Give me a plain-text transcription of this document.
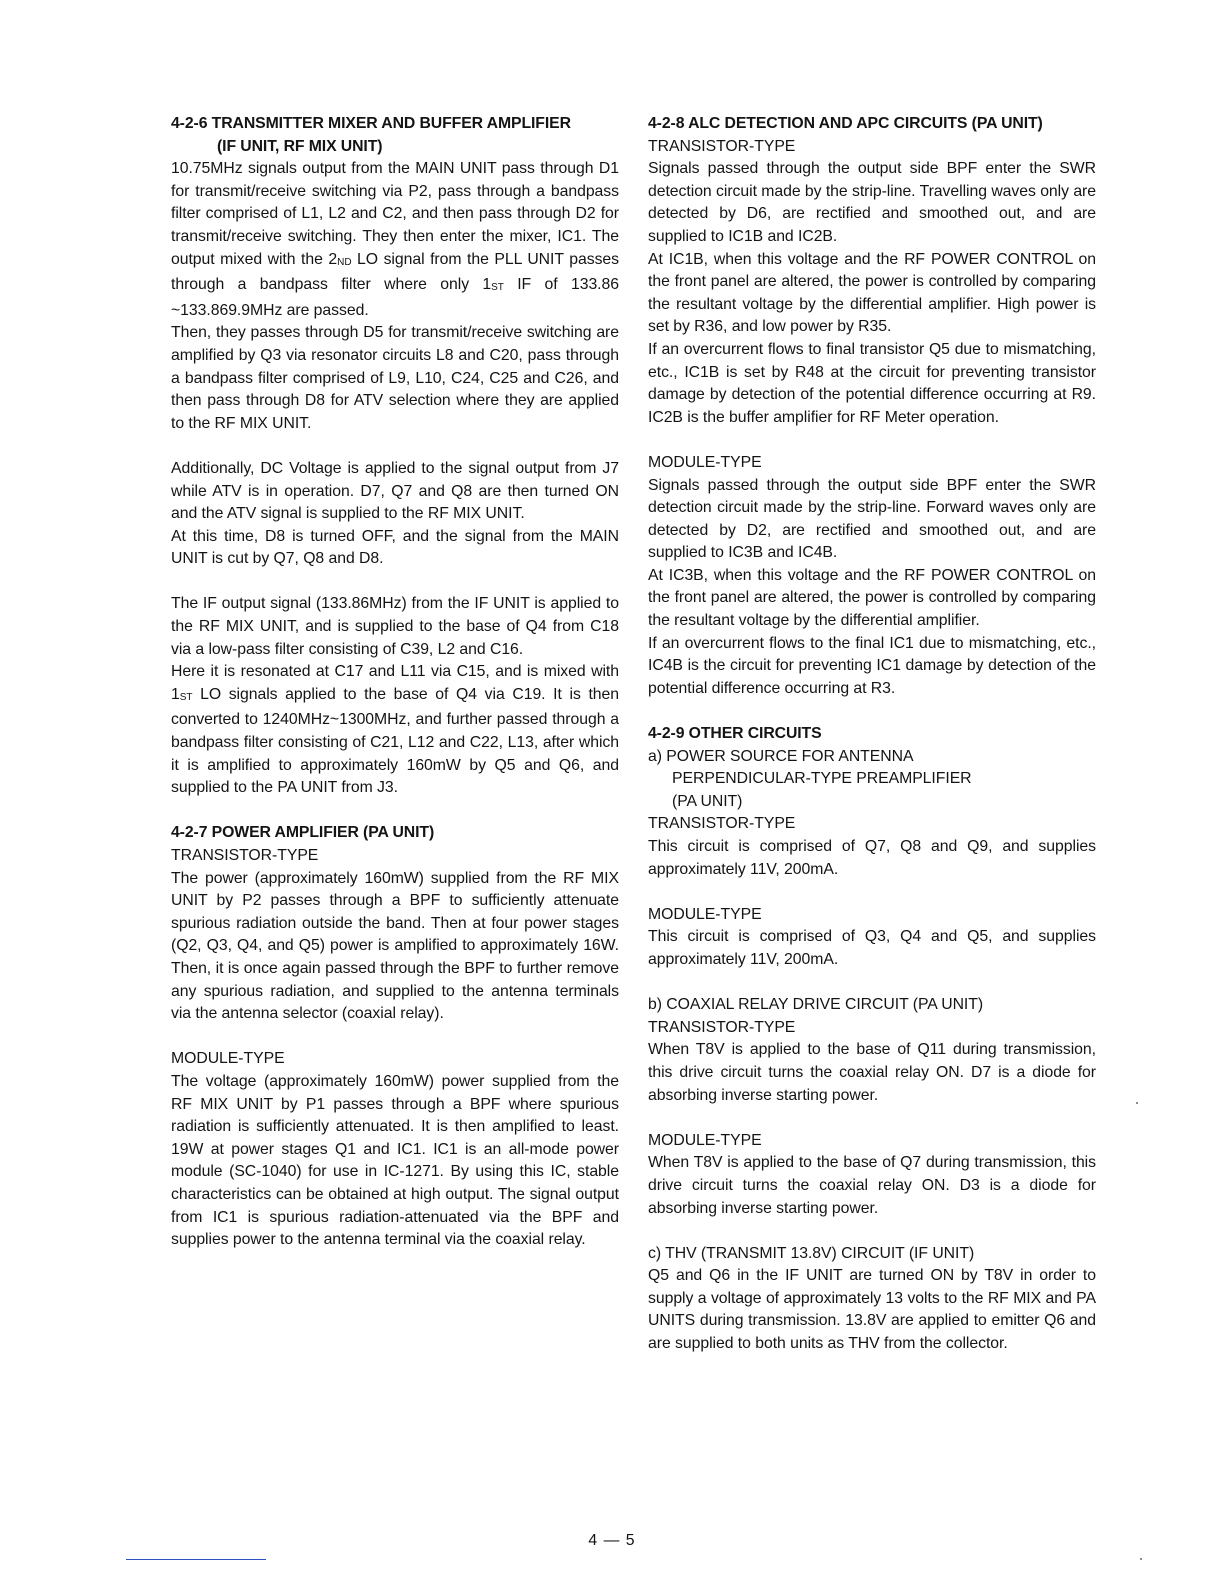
4-2-6 TRANSMITTER MIXER AND BUFFER AMPLIFIER
(IF UNIT, RF MIX UNIT)

10.75MHz signals output from the MAIN UNIT pass through D1 for transmit/receive switching via P2, pass through a bandpass filter comprised of L1, L2 and C2, and then pass through D2 for transmit/receive switching. They then enter the mixer, IC1. The output mixed with the $2_{ND}$ LO signal from the PLL UNIT passes through a bandpass filter where only $1_{ST}$ IF of 133.86 ~133.869.9MHz are passed.

Then, they passes through D5 for transmit/receive switching are amplified by Q3 via resonator circuits L8 and C20, pass through a bandpass filter comprised of L9, L10, C24, C25 and C26, and then pass through D8 for ATV selection where they are applied to the RF MIX UNIT.

Additionally, DC Voltage is applied to the signal output from J7 while ATV is in operation. D7, Q7 and Q8 are then turned ON and the ATV signal is supplied to the RF MIX UNIT.

At this time, D8 is turned OFF, and the signal from the MAIN UNIT is cut by Q7, Q8 and D8.

The IF output signal (133.86MHz) from the IF UNIT is applied to the RF MIX UNIT, and is supplied to the base of Q4 from C18 via a low-pass filter consisting of C39, L2 and C16.

Here it is resonated at C17 and L11 via C15, and is mixed with $1_{ST}$ LO signals applied to the base of Q4 via C19. It is then converted to 1240MHz~1300MHz, and further passed through a bandpass filter consisting of C21, L12 and C22, L13, after which it is amplified to approximately 160mW by Q5 and Q6, and supplied to the PA UNIT from J3.

4-2-7 POWER AMPLIFIER (PA UNIT)

TRANSISTOR-TYPE

The power (approximately 160mW) supplied from the RF MIX UNIT by P2 passes through a BPF to sufficiently attenuate spurious radiation outside the band. Then at four power stages (Q2, Q3, Q4, and Q5) power is amplified to approximately 16W. Then, it is once again passed through the BPF to further remove any spurious radiation, and supplied to the antenna terminals via the antenna selector (coaxial relay).

MODULE-TYPE

The voltage (approximately 160mW) power supplied from the RF MIX UNIT by P1 passes through a BPF where spurious radiation is sufficiently attenuated. It is then amplified to least. 19W at power stages Q1 and IC1. IC1 is an all-mode power module (SC-1040) for use in IC-1271. By using this IC, stable characteristics can be obtained at high output. The signal output from IC1 is spurious radiation-attenuated via the BPF and supplies power to the antenna terminal via the coaxial relay.

4-2-8 ALC DETECTION AND APC CIRCUITS (PA UNIT)

TRANSISTOR-TYPE

Signals passed through the output side BPF enter the SWR detection circuit made by the strip-line. Travelling waves only are detected by D6, are rectified and smoothed out, and are supplied to IC1B and IC2B.

At IC1B, when this voltage and the RF POWER CONTROL on the front panel are altered, the power is controlled by comparing the resultant voltage by the differential amplifier. High power is set by R36, and low power by R35.

If an overcurrent flows to final transistor Q5 due to mismatching, etc., IC1B is set by R48 at the circuit for preventing transistor damage by detection of the potential difference occurring at R9. IC2B is the buffer amplifier for RF Meter operation.

MODULE-TYPE

Signals passed through the output side BPF enter the SWR detection circuit made by the strip-line. Forward waves only are detected by D2, are rectified and smoothed out, and are supplied to IC3B and IC4B.

At IC3B, when this voltage and the RF POWER CONTROL on the front panel are altered, the power is controlled by comparing the resultant voltage by the differential amplifier.

If an overcurrent flows to the final IC1 due to mismatching, etc., IC4B is the circuit for preventing IC1 damage by detection of the potential difference occurring at R3.

4-2-9 OTHER CIRCUITS

a) POWER SOURCE FOR ANTENNA

PERPENDICULAR-TYPE PREAMPLIFIER

(PA UNIT)

TRANSISTOR-TYPE

This circuit is comprised of Q7, Q8 and Q9, and supplies approximately 11V, 200mA.

MODULE-TYPE

This circuit is comprised of Q3, Q4 and Q5, and supplies approximately 11V, 200mA.

b) COAXIAL RELAY DRIVE CIRCUIT (PA UNIT)

TRANSISTOR-TYPE

When T8V is applied to the base of Q11 during transmission, this drive circuit turns the coaxial relay ON. D7 is a diode for absorbing inverse starting power.

MODULE-TYPE

When T8V is applied to the base of Q7 during transmission, this drive circuit turns the coaxial relay ON. D3 is a diode for absorbing inverse starting power.

c) THV (TRANSMIT 13.8V) CIRCUIT (IF UNIT)

Q5 and Q6 in the IF UNIT are turned ON by T8V in order to supply a voltage of approximately 13 volts to the RF MIX and PA UNITS during transmission. 13.8V are applied to emitter Q6 and are supplied to both units as THV from the collector.

4 — 5
